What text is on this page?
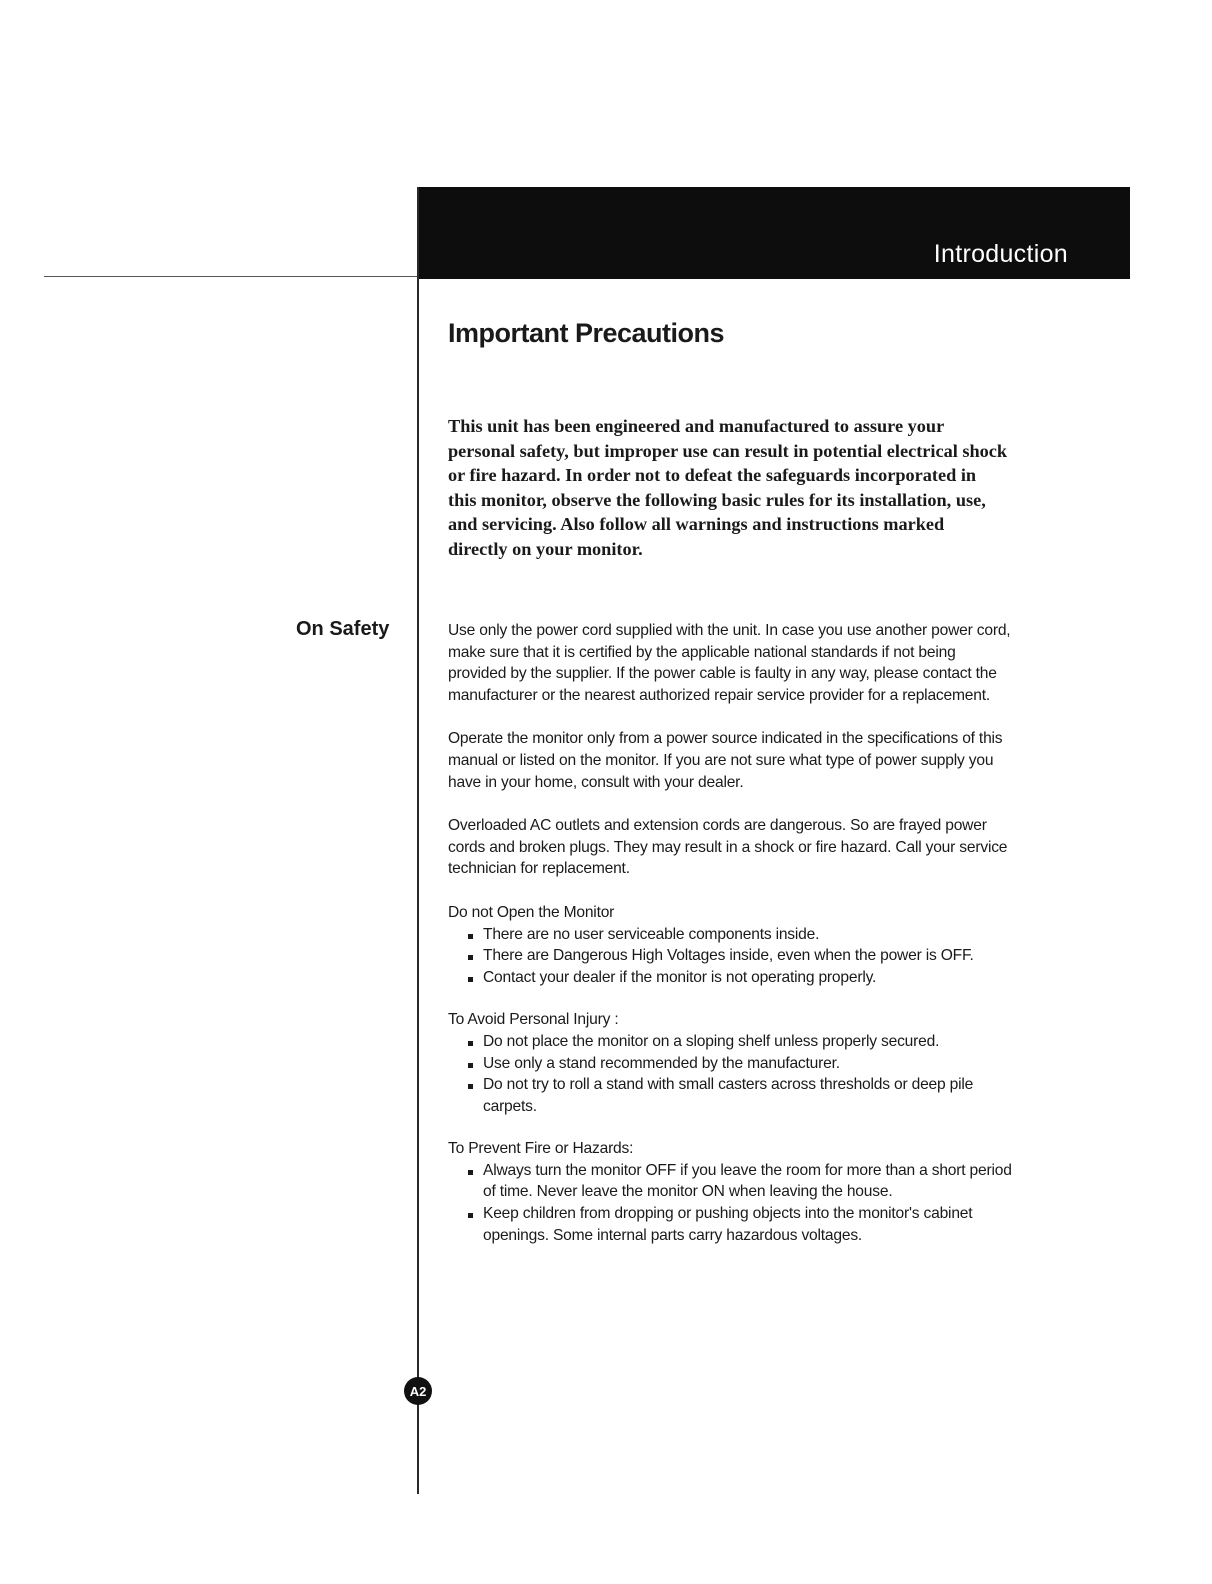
Introduction
A2
Important Precautions

This unit has been engineered and manufactured to assure your personal safety, but improper use can result in potential electrical shock or fire hazard. In order not to defeat the safeguards incorporated in this monitor, observe the following basic rules for its installation, use, and servicing. Also follow all warnings and instructions marked directly on your monitor.

On Safety	Use only the power cord supplied with the unit. In case you use another power cord, make sure that it is certified by the applicable national standards if not being provided by the supplier. If the power cable is faulty in any way, please contact the manufacturer or the nearest authorized repair service provider for a replacement.

Operate the monitor only from a power source indicated in the specifications of this manual or listed on the monitor. If you are not sure what type of power supply you have in your home, consult with your dealer.

Overloaded AC outlets and extension cords are dangerous. So are frayed power cords and broken plugs. They may result in a shock or fire hazard. Call your service technician for replacement.

Do not Open the Monitor
There are no user serviceable components inside.
There are Dangerous High Voltages inside, even when the power is OFF.
Contact your dealer if the monitor is not operating properly.
To Avoid Personal Injury :
Do not place the monitor on a sloping shelf unless properly secured.
Use only a stand recommended by the manufacturer.
Do not try to roll a stand with small casters across thresholds or deep pile carpets.
To Prevent Fire or Hazards:
Always turn the monitor OFF if you leave the room for more than a short period of time. Never leave the monitor ON when leaving the house.
Keep children from dropping or pushing objects into the monitor's cabinet openings. Some internal parts carry hazardous voltages.
